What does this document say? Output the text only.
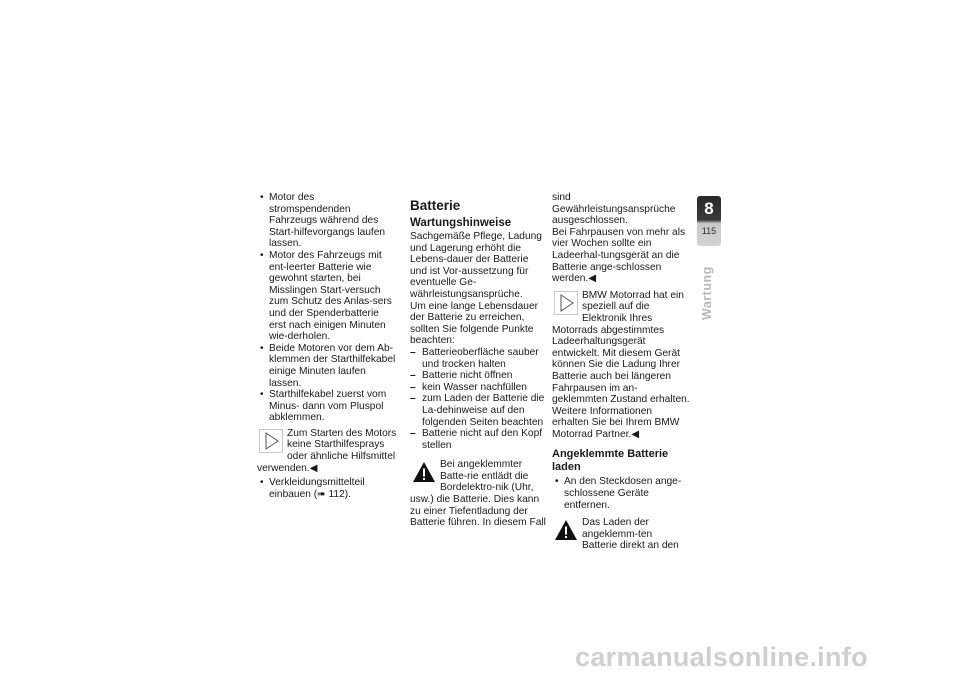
• Motor des stromspendenden Fahrzeugs während des Start-hilfevorgangs laufen lassen.
• Motor des Fahrzeugs mit ent-leerter Batterie wie gewohnt starten, bei Misslingen Start-versuch zum Schutz des Anlas-sers und der Spenderbatterie erst nach einigen Minuten wie-derholen.
• Beide Motoren vor dem Ab-klemmen der Starthilfekabel einige Minuten laufen lassen.
• Starthilfekabel zuerst vom Minus- dann vom Pluspol abklemmen.

Zum Starten des Motors keine Starthilfesprays oder ähnliche Hilfsmittel verwenden.◀

• Verkleidungsmittelteil einbauen (➠ 112).
Batterie
Wartungshinweise

Sachgemäße Pflege, Ladung und Lagerung erhöht die Lebens-dauer der Batterie und ist Vor-aussetzung für eventuelle Ge-währleistungsansprüche.

Um eine lange Lebensdauer der Batterie zu erreichen, sollten Sie folgende Punkte beachten:

– Batterieoberfläche sauber und trocken halten
– Batterie nicht öffnen
– kein Wasser nachfüllen
– zum Laden der Batterie die La-dehinweise auf den folgenden Seiten beachten
– Batterie nicht auf den Kopf stellen

Bei angeklemmter Batte-rie entlädt die Bordelektro-nik (Uhr, usw.) die Batterie. Dies kann zu einer Tiefentladung der Batterie führen. In diesem Fall

sind Gewährleistungsansprüche ausgeschlossen.

Bei Fahrpausen von mehr als vier Wochen sollte ein Ladeerhal-tungsgerät an die Batterie ange-schlossen werden.◀

BMW Motorrad hat ein speziell auf die Elektronik Ihres Motorrads abgestimmtes Ladeerhaltungsgerät entwickelt. Mit diesem Gerät können Sie die Ladung Ihrer Batterie auch bei längeren Fahrpausen im an-geklemmten Zustand erhalten. Weitere Informationen erhalten Sie bei Ihrem BMW Motorrad Partner.◀

Angeklemmte Batterie laden
• An den Steckdosen ange-schlossene Geräte entfernen.

Das Laden der angeklemm-ten Batterie direkt an den

8
115
Wartung
carmanualsonline.info
